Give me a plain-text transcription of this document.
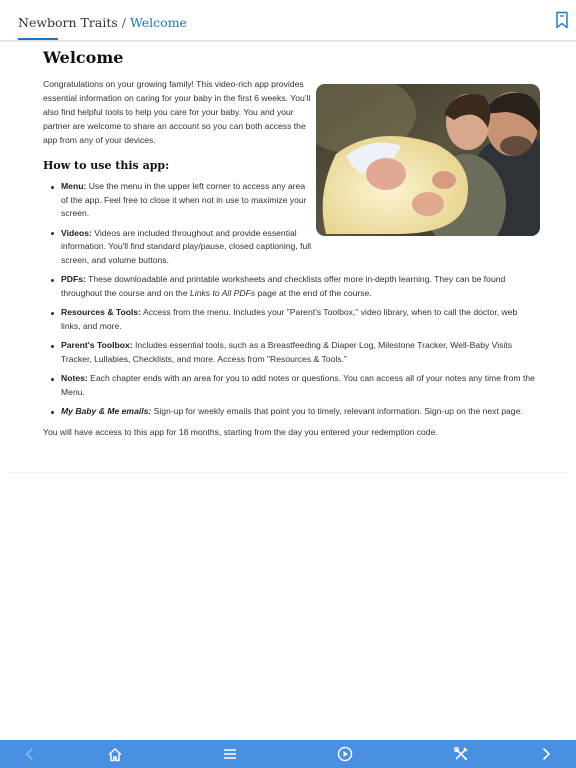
Newborn Traits / Welcome
Welcome

Congratulations on your growing family! This video-rich app provides essential information on caring for your baby in the first 6 weeks. You'll also find helpful tools to help you care for your baby. You and your partner are welcome to share an account so you can both access the app from any of your devices.

How to use this app:
Menu: Use the menu in the upper left corner to access any area of the app. Feel free to close it when not in use to maximize your screen.
Videos: Videos are included throughout and provide essential information. You'll find standard play/pause, closed captioning, full screen, and volume buttons.
PDFs: These downloadable and printable worksheets and checklists offer more in-depth learning. They can be found throughout the course and on the Links to All PDFs page at the end of the course.
Resources & Tools: Access from the menu. Includes your "Parent's Toolbox," video library, when to call the doctor, web links, and more.
Parent's Toolbox: Includes essential tools, such as a Breastfeeding & Diaper Log, Milestone Tracker, Well-Baby Visits Tracker, Lullabies, Checklists, and more. Access from "Resources & Tools."
Notes: Each chapter ends with an area for you to add notes or questions. You can access all of your notes any time from the Menu.
My Baby & Me emails: Sign-up for weekly emails that point you to timely, relevant information. Sign-up on the next page.

You will have access to this app for 18 months, starting from the day you entered your redemption code.
